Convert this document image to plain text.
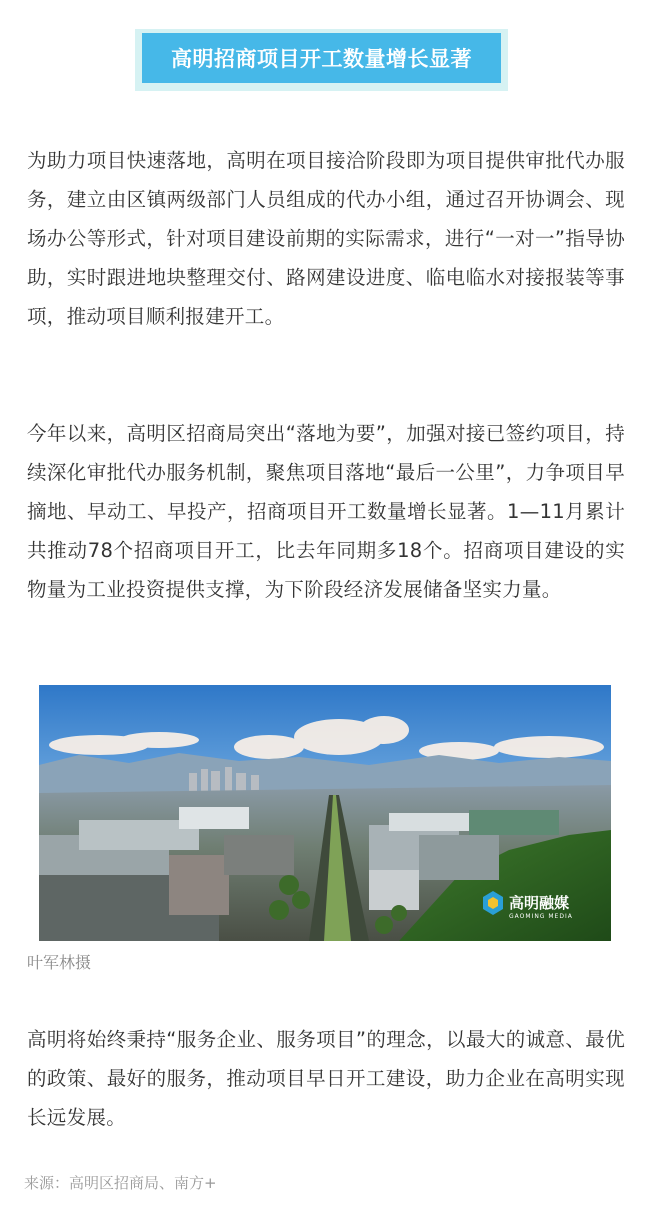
高明招商项目开工数量增长显著

为助力项目快速落地，高明在项目接洽阶段即为项目提供审批代办服务，建立由区镇两级部门人员组成的代办小组，通过召开协调会、现场办公等形式，针对项目建设前期的实际需求，进行“一对一”指导协助，实时跟进地块整理交付、路网建设进度、临电临水对接报装等事项，推动项目顺利报建开工。

今年以来，高明区招商局突出“落地为要”，加强对接已签约项目，持续深化审批代办服务机制，聚焦项目落地“最后一公里”，力争项目早摘地、早动工、早投产，招商项目开工数量增长显著。1—11月累计共推动78个招商项目开工，比去年同期多18个。招商项目建设的实物量为工业投资提供支撑，为下阶段经济发展储备坚实力量。

高明融媒
GAOMING MEDIA
叶军林摄

高明将始终秉持“服务企业、服务项目”的理念，以最大的诚意、最优的政策、最好的服务，推动项目早日开工建设，助力企业在高明实现长远发展。

来源：高明区招商局、南方+
